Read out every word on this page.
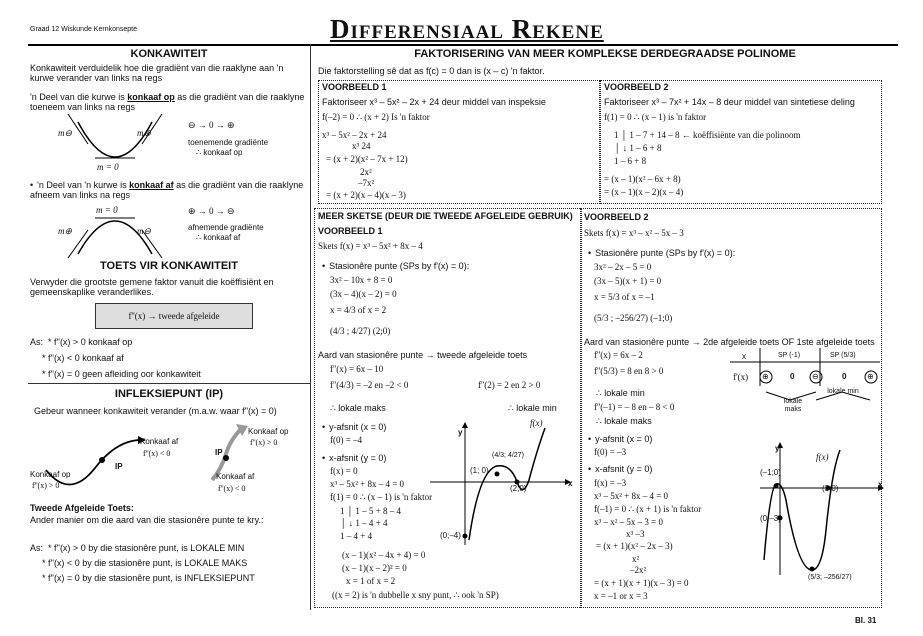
Graad 12 Wiskunde Kernkonsepte	Differensiaal Rekene
Bl. 31
KONKAWITEIT
Konkawiteit verduidelik hoe die gradiënt van die raaklyne aan 'n kurwe verander van links na regs
'n Deel van die kurwe is konkaaf op as die gradiënt van die raaklyne toeneem van links na regs
m⊖	m⊕
m = 0
⊖ → 0 → ⊕
toenemende gradiënte
∴ konkaaf op
• 'n Deel van 'n kurwe is konkaaf af as die gradiënt van die raaklyne afneem van links na regs
m = 0
m⊕	m⊖
⊕ → 0 → ⊖
afnemende gradiënte
∴ konkaaf af
TOETS VIR KONKAWITEIT
Verwyder die grootste gemene faktor vanuit die koëffisiënt en gemeenskaplike veranderlikes.
f''(x) → tweede afgeleide
As: * f''(x) > 0 konkaaf op
* f''(x) < 0 konkaaf af
* f''(x) = 0 geen afleiding oor konkawiteit
INFLEKSIEPUNT (IP)
Gebeur wanneer konkawiteit verander (m.a.w. waar f''(x) = 0)
Konkaaf af
f''(x) < 0
Konkaaf op
f''(x) > 0
IP
Konkaaf op
f''(x) > 0
Konkaaf af
f''(x) < 0
IP
Tweede Afgeleide Toets:
Ander manier om die aard van die stasionêre punte te kry.:
As: * f''(x) > 0 by die stasionêre punt, is LOKALE MIN
* f''(x) < 0 by die stasionêre punt, is LOKALE MAKS
* f''(x) = 0 by die stasionêre punt, is INFLEKSIEPUNT
FAKTORISERING VAN MEER KOMPLEKSE DERDEGRAADSE POLINOME
Die faktorstelling sê dat as f(c) = 0 dan is (x – c) 'n faktor.
VOORBEELD 1
Faktoriseer x³ – 5x² – 2x + 24 deur middel van inspeksie
f(–2) = 0 ∴ (x + 2) Is 'n faktor
x³ – 5x² – 2x + 24
x³ 24
= (x + 2)(x² – 7x + 12)
2x²
–7x²
= (x + 2)(x – 4)(x – 3)
VOORBEELD 2
Faktoriseer x³ – 7x² + 14x – 8 deur middel van sintetiese deling
f(1) = 0 ∴ (x – 1) is 'n faktor
1 │ 1 – 7 + 14 – 8 ← koëffisiënte van die polinoom
│ ↓ 1 – 6 + 8
1 – 6 + 8
= (x – 1)(x² – 6x + 8)
= (x – 1)(x – 2)(x – 4)
MEER SKETSE (DEUR DIE TWEEDE AFGELEIDE GEBRUIK)
VOORBEELD 1
Skets f(x) = x³ – 5x² + 8x – 4
• Stasionêre punte (SPs by f'(x) = 0):
3x² – 10x + 8 = 0
(3x – 4)(x – 2) = 0
x = 4/3 of x = 2
(4/3 ; 4/27) (2;0)
Aard van stasionêre punte → tweede afgeleide toets
f''(x) = 6x – 10
f''(4/3) = –2 en –2 < 0	f''(2) = 2 en 2 > 0
∴ lokale maks	∴ lokale min
• y-afsnit (x = 0)
f(0) = –4
• x-afsnit (y = 0)
f(x) = 0
x³ – 5x² + 8x – 4 = 0
f(1) = 0 ∴ (x – 1) is 'n faktor
1 │ 1 – 5 + 8 – 4
│ ↓ 1 – 4 + 4
1 – 4 + 4
(x – 1)(x² – 4x + 4) = 0
(x – 1)(x – 2)² = 0
x = 1 of x = 2
((x = 2) is 'n dubbelle x sny punt, ∴ ook 'n SP)
y
x
f(x)
(1; 0)
(4/3; 4/27)
(2;0)
(0;–4)
VOORBEELD 2
Skets f(x) = x³ – x² – 5x – 3
• Stasionêre punte (SPs by f'(x) = 0):
3x² – 2x – 5 = 0
(3x – 5)(x + 1) = 0
x = 5/3 of x = –1
(5/3 ; –256/27) (–1;0)
Aard van stasionêre punte → 2de afgeleide toets OF 1ste afgeleide toets
f''(x) = 6x – 2
f''(5/3) = 8 en 8 > 0
∴ lokale min
f''(–1) = – 8 en – 8 < 0
∴ lokale maks
• y-afsnit (x = 0)
f(0) = –3
• x-afsnit (y = 0)
f(x) = –3
x³ – 5x² + 8x – 4 = 0
f(–1) = 0 ∴ (x + 1) is 'n faktor
x³ – x² – 5x – 3 = 0
x³ –3
= (x + 1)(x² – 2x – 3)
x²
–2x²
= (x + 1)(x + 1)(x – 3) = 0
x = –1 or x = 3
x	SP (-1)	SP (5/3)
f'(x) ⊕	0 ⊖	0	⊕
lokale maks
lokale min
y
x
f(x)
(–1;0)
(3;0)
(0;–3)
(5/3; –256/27)
